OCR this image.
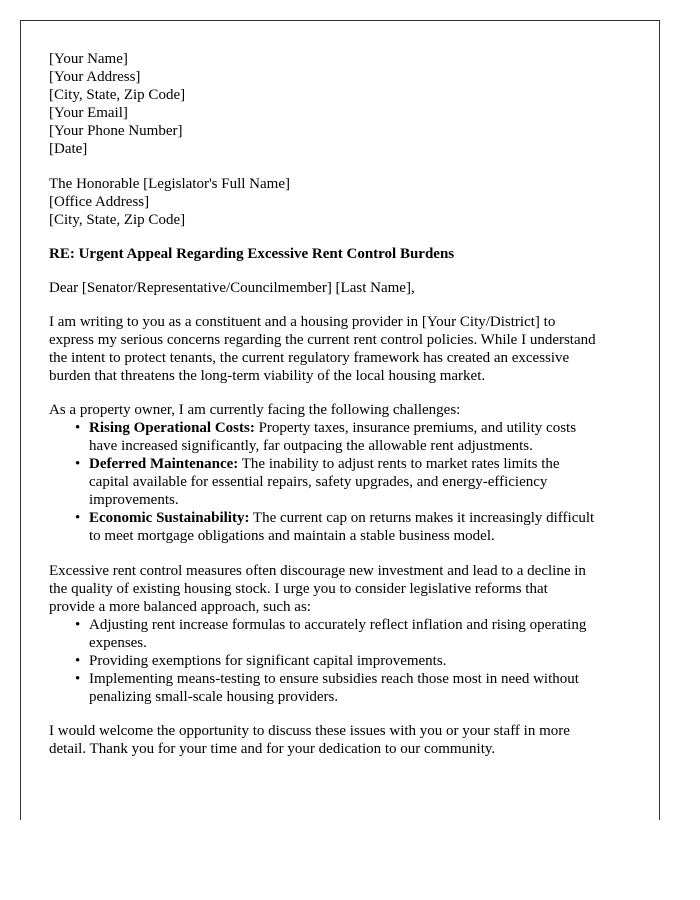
[Your Name]
[Your Address]
[City, State, Zip Code]
[Your Email]
[Your Phone Number]
[Date]
The Honorable [Legislator's Full Name]
[Office Address]
[City, State, Zip Code]
RE: Urgent Appeal Regarding Excessive Rent Control Burdens
Dear [Senator/Representative/Councilmember] [Last Name],
I am writing to you as a constituent and a housing provider in [Your City/District] to
express my serious concerns regarding the current rent control policies. While I understand
the intent to protect tenants, the current regulatory framework has created an excessive
burden that threatens the long-term viability of the local housing market.
As a property owner, I am currently facing the following challenges:
• Rising Operational Costs: Property taxes, insurance premiums, and utility costs
have increased significantly, far outpacing the allowable rent adjustments.
• Deferred Maintenance: The inability to adjust rents to market rates limits the
capital available for essential repairs, safety upgrades, and energy-efficiency
improvements.
• Economic Sustainability: The current cap on returns makes it increasingly difficult
to meet mortgage obligations and maintain a stable business model.
Excessive rent control measures often discourage new investment and lead to a decline in
the quality of existing housing stock. I urge you to consider legislative reforms that
provide a more balanced approach, such as:
• Adjusting rent increase formulas to accurately reflect inflation and rising operating
expenses.
• Providing exemptions for significant capital improvements.
• Implementing means-testing to ensure subsidies reach those most in need without
penalizing small-scale housing providers.
I would welcome the opportunity to discuss these issues with you or your staff in more
detail. Thank you for your time and for your dedication to our community.
